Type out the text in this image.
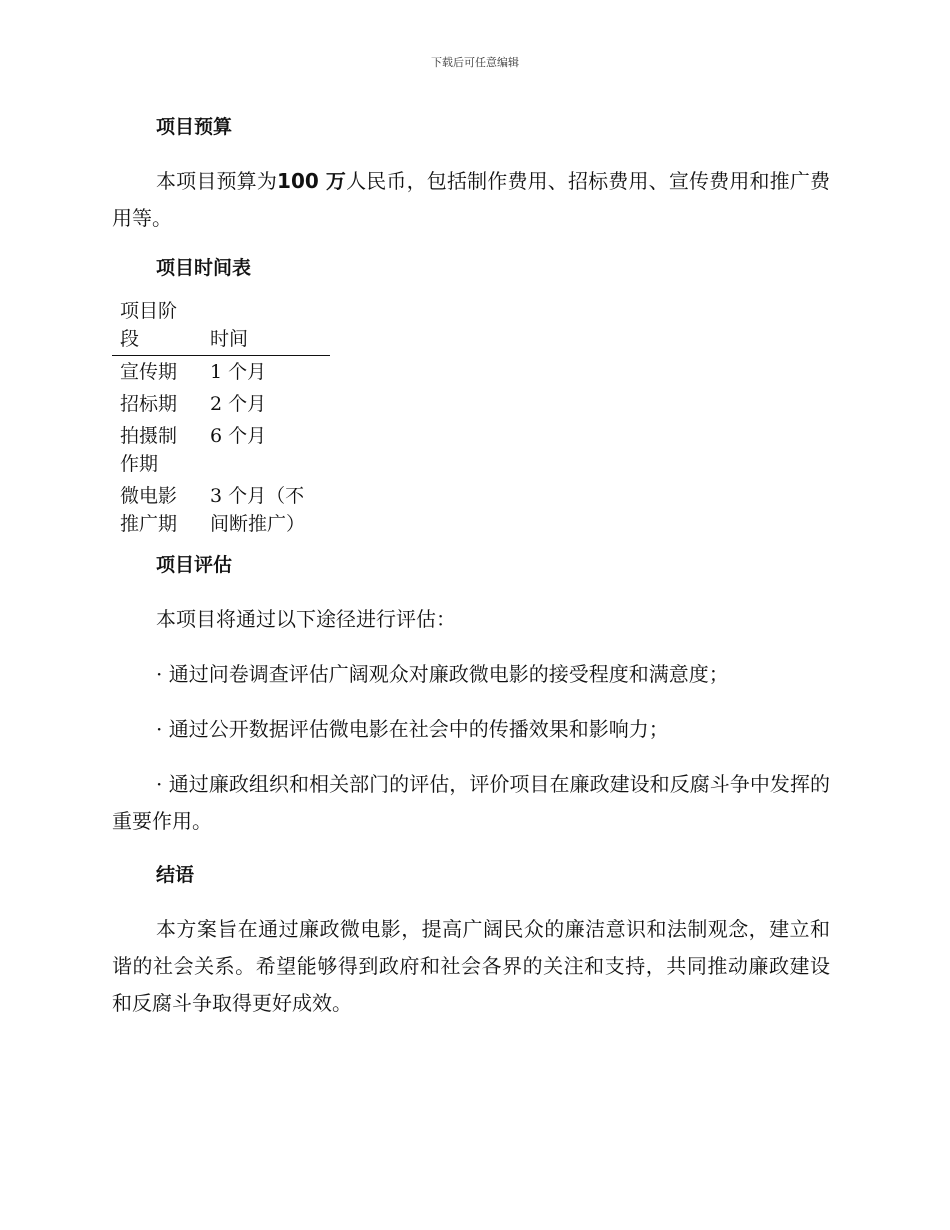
下载后可任意编辑
项目预算

本项目预算为100 万人民币，包括制作费用、招标费用、宣传费用和推广费用等。

项目时间表
项目阶段	时间
宣传期	1 个月
招标期	2 个月
拍摄制作期	6 个月
微电影推广期	3 个月（不间断推广）
项目评估

本项目将通过以下途径进行评估：

· 通过问卷调查评估广阔观众对廉政微电影的接受程度和满意度；

· 通过公开数据评估微电影在社会中的传播效果和影响力；

· 通过廉政组织和相关部门的评估，评价项目在廉政建设和反腐斗争中发挥的重要作用。

结语

本方案旨在通过廉政微电影，提高广阔民众的廉洁意识和法制观念，建立和谐的社会关系。希望能够得到政府和社会各界的关注和支持，共同推动廉政建设和反腐斗争取得更好成效。
